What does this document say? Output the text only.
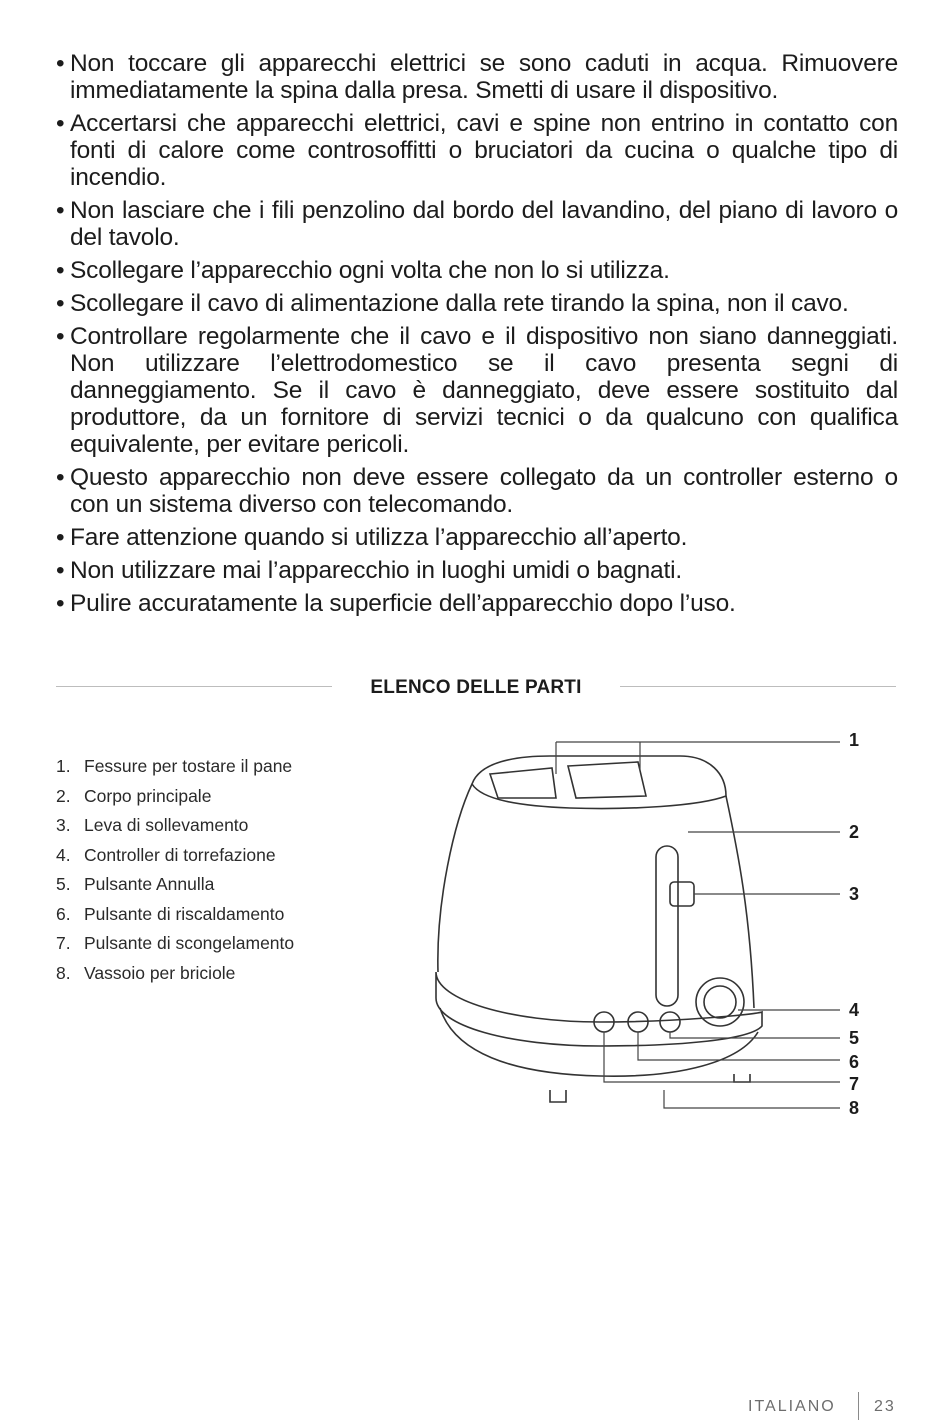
• Non toccare gli apparecchi elettrici se sono caduti in acqua. Rimuovere immediatamente la spina dalla presa. Smetti di usare il dispositivo.
• Accertarsi che apparecchi elettrici, cavi e spine non entrino in contatto con fonti di calore come controsoffitti o bruciatori da cucina o qualche tipo di incendio.
• Non lasciare che i fili penzolino dal bordo del lavandino, del piano di lavoro o del tavolo.
• Scollegare l’apparecchio ogni volta che non lo si utilizza.
• Scollegare il cavo di alimentazione dalla rete tirando la spina, non il cavo.
• Controllare regolarmente che il cavo e il dispositivo non siano danneggiati. Non utilizzare l’elettrodomestico se il cavo presenta segni di danneggiamento. Se il cavo è danneggiato, deve essere sostituito dal produttore, da un fornitore di servizi tecnici o da qualcuno con qualifica equivalente, per evitare pericoli.
• Questo apparecchio non deve essere collegato da un controller esterno o con un sistema diverso con telecomando.
• Fare attenzione quando si utilizza l’apparecchio all’aperto.
• Non utilizzare mai l’apparecchio in luoghi umidi o bagnati.
• Pulire accuratamente la superficie dell’apparecchio dopo l’uso.
ELENCO DELLE PARTI
1. Fessure per tostare il pane
2. Corpo principale
3. Leva di sollevamento
4. Controller di torrefazione
5. Pulsante Annulla
6. Pulsante di riscaldamento
7. Pulsante di scongelamento
8. Vassoio per briciole
1
2
3
4
5
6
7
8
ITALIANO 23
